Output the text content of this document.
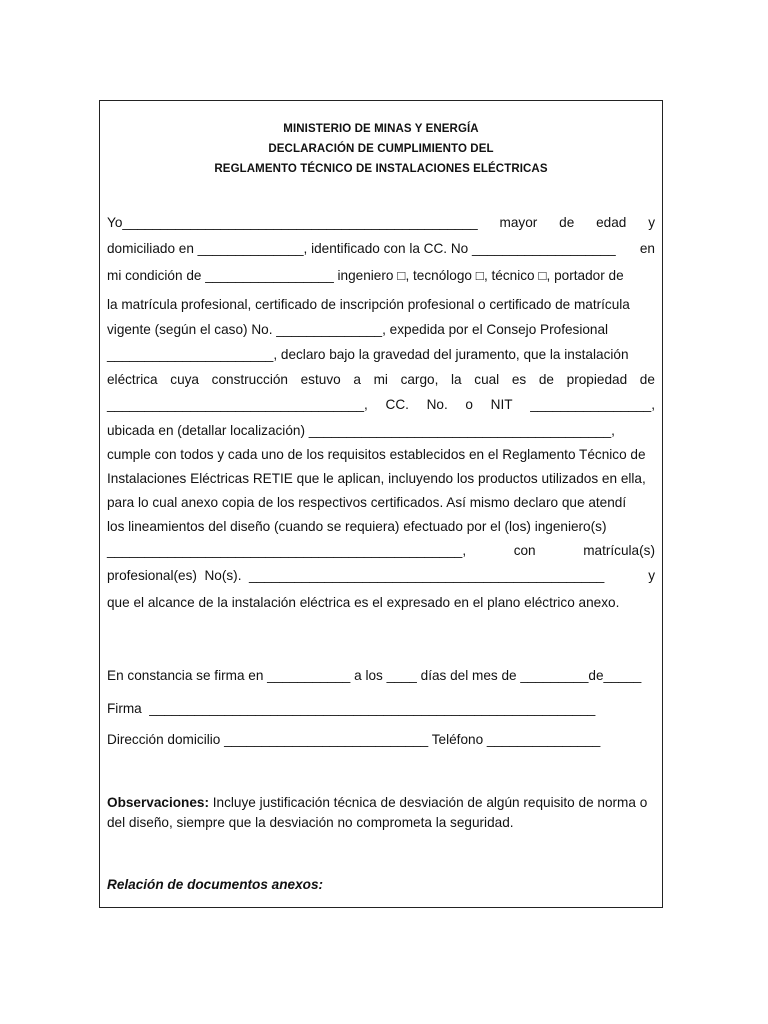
MINISTERIO DE MINAS Y ENERGÍA
DECLARACIÓN DE CUMPLIMIENTO DEL
REGLAMENTO TÉCNICO DE INSTALACIONES ELÉCTRICAS
Yo_______________________________________________ mayor de edad y
domiciliado en ______________, identificado con la CC. No ___________________ en
mi condición de _________________ ingeniero □, tecnólogo □, técnico □, portador de
la matrícula profesional, certificado de inscripción profesional o certificado de matrícula
vigente (según el caso) No. ______________, expedida por el Consejo Profesional
______________________, declaro bajo la gravedad del juramento, que la instalación
eléctrica cuya construcción estuvo a mi cargo, la cual es de propiedad de
__________________________________, CC. No. o NIT ________________,
ubicada en (detallar localización) ________________________________________,
cumple con todos y cada uno de los requisitos establecidos en el Reglamento Técnico de
Instalaciones Eléctricas RETIE que le aplican, incluyendo los productos utilizados en ella,
para lo cual anexo copia de los respectivos certificados. Así mismo declaro que atendí
los lineamientos del diseño (cuando se requiera) efectuado por el (los) ingeniero(s)
_______________________________________________,	con	matrícula(s)
profesional(es)  No(s).  _______________________________________________	y
que el alcance de la instalación eléctrica es el expresado en el plano eléctrico anexo.
En constancia se firma en ___________ a los ____ días del mes de _________de_____
Firma  ___________________________________________________________
Dirección domicilio ___________________________ Teléfono _______________
Observaciones: Incluye justificación técnica de desviación de algún requisito de norma o
del diseño, siempre que la desviación no comprometa la seguridad.
Relación de documentos anexos:
